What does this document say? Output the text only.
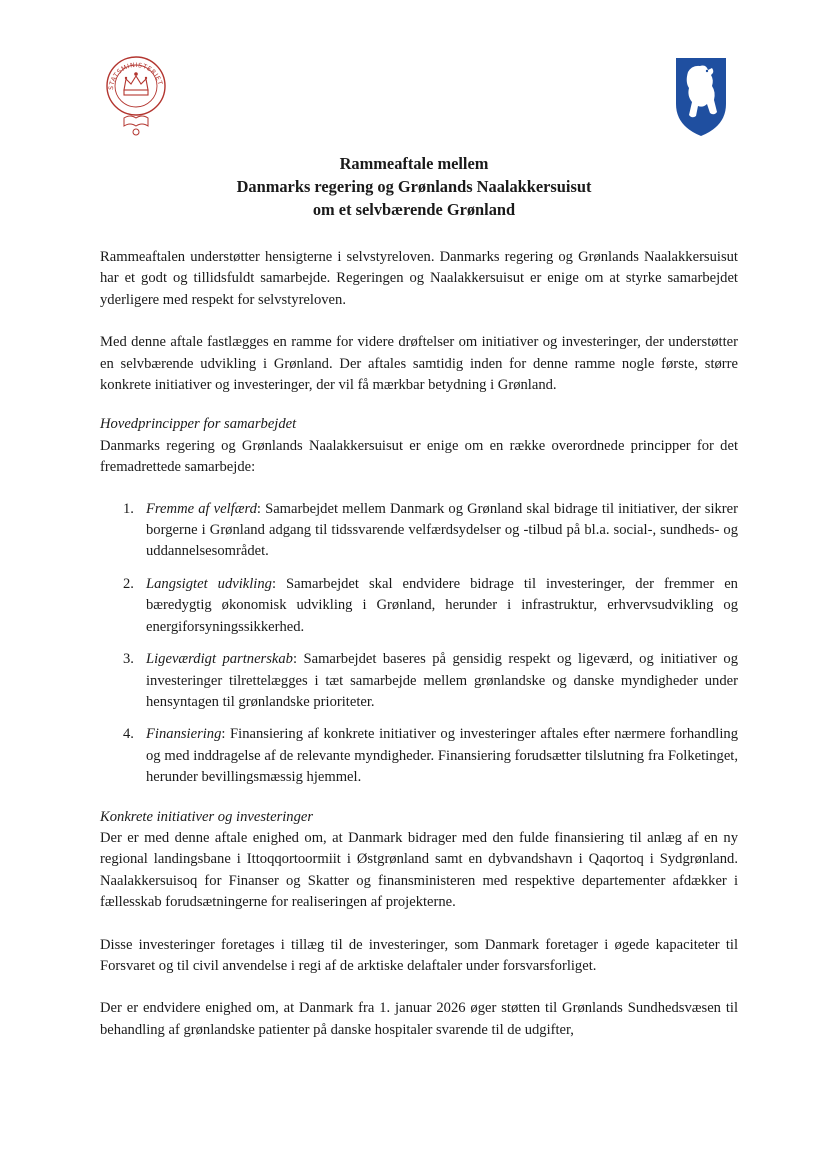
STATSMINISTERIET
Rammeaftale mellem
Danmarks regering og Grønlands Naalakkersuisut
om et selvbærende Grønland

Rammeaftalen understøtter hensigterne i selvstyreloven. Danmarks regering og Grønlands Naalakkersuisut har et godt og tillidsfuldt samarbejde. Regeringen og Naalakkersuisut er enige om at styrke samarbejdet yderligere med respekt for selvstyreloven.

Med denne aftale fastlægges en ramme for videre drøftelser om initiativer og investeringer, der understøtter en selvbærende udvikling i Grønland. Der aftales samtidig inden for denne ramme nogle første, større konkrete initiativer og investeringer, der vil få mærkbar betydning i Grønland.

Hovedprincipper for samarbejdet

Danmarks regering og Grønlands Naalakkersuisut er enige om en række overordnede principper for det fremadrettede samarbejde:

1. Fremme af velfærd: Samarbejdet mellem Danmark og Grønland skal bidrage til initiativer, der sikrer borgerne i Grønland adgang til tidssvarende velfærdsydelser og -tilbud på bl.a. social-, sundheds- og uddannelsesområdet.
2. Langsigtet udvikling: Samarbejdet skal endvidere bidrage til investeringer, der fremmer en bæredygtig økonomisk udvikling i Grønland, herunder i infrastruktur, erhvervsudvikling og energiforsyningssikkerhed.
3. Ligeværdigt partnerskab: Samarbejdet baseres på gensidig respekt og ligeværd, og initiativer og investeringer tilrettelægges i tæt samarbejde mellem grønlandske og danske myndigheder under hensyntagen til grønlandske prioriteter.
4. Finansiering: Finansiering af konkrete initiativer og investeringer aftales efter nærmere forhandling og med inddragelse af de relevante myndigheder. Finansiering forudsætter tilslutning fra Folketinget, herunder bevillingsmæssig hjemmel.

Konkrete initiativer og investeringer

Der er med denne aftale enighed om, at Danmark bidrager med den fulde finansiering til anlæg af en ny regional landingsbane i Ittoqqortoormiit i Østgrønland samt en dybvandshavn i Qaqortoq i Sydgrønland. Naalakkersuisoq for Finanser og Skatter og finansministeren med respektive departementer afdækker i fællesskab forudsætningerne for realiseringen af projekterne.

Disse investeringer foretages i tillæg til de investeringer, som Danmark foretager i øgede kapaciteter til Forsvaret og til civil anvendelse i regi af de arktiske delaftaler under forsvarsforliget.

Der er endvidere enighed om, at Danmark fra 1. januar 2026 øger støtten til Grønlands Sundhedsvæsen til behandling af grønlandske patienter på danske hospitaler svarende til de udgifter,
